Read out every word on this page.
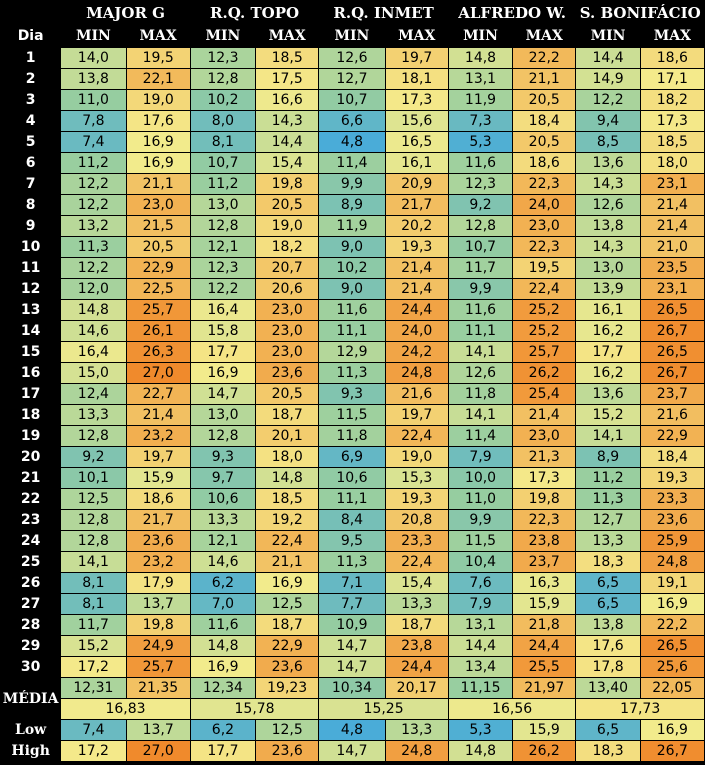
	MAJOR G		R.Q. TOPO		R.Q. INMET		ALFREDO W.		S. BONIFÁCIO	
Dia	MIN	MAX	MIN	MAX	MIN	MAX	MIN	MAX	MIN	MAX
1	14,0	19,5	12,3	18,5	12,6	19,7	14,8	22,2	14,4	18,6
2	13,8	22,1	12,8	17,5	12,7	18,1	13,1	21,1	14,9	17,1
3	11,0	19,0	10,2	16,6	10,7	17,3	11,9	20,5	12,2	18,2
4	7,8	17,6	8,0	14,3	6,6	15,6	7,3	18,4	9,4	17,3
5	7,4	16,9	8,1	14,4	4,8	16,5	5,3	20,5	8,5	18,5
6	11,2	16,9	10,7	15,4	11,4	16,1	11,6	18,6	13,6	18,0
7	12,2	21,1	11,2	19,8	9,9	20,9	12,3	22,3	14,3	23,1
8	12,2	23,0	13,0	20,5	8,9	21,7	9,2	24,0	12,6	21,4
9	13,2	21,5	12,8	19,0	11,9	20,2	12,8	23,0	13,8	21,4
10	11,3	20,5	12,1	18,2	9,0	19,3	10,7	22,3	14,3	21,0
11	12,2	22,9	12,3	20,7	10,2	21,4	11,7	19,5	13,0	23,5
12	12,0	22,5	12,2	20,6	9,0	21,4	9,9	22,4	13,9	23,1
13	14,8	25,7	16,4	23,0	11,6	24,4	11,6	25,2	16,1	26,5
14	14,6	26,1	15,8	23,0	11,1	24,0	11,1	25,2	16,2	26,7
15	16,4	26,3	17,7	23,0	12,9	24,2	14,1	25,7	17,7	26,5
16	15,0	27,0	16,9	23,6	11,3	24,8	12,6	26,2	16,2	26,7
17	12,4	22,7	14,7	20,5	9,3	21,6	11,8	25,4	13,6	23,7
18	13,3	21,4	13,0	18,7	11,5	19,7	14,1	21,4	15,2	21,6
19	12,8	23,2	12,8	20,1	11,8	22,4	11,4	23,0	14,1	22,9
20	9,2	19,7	9,3	18,0	6,9	19,0	7,9	21,3	8,9	18,4
21	10,1	15,9	9,7	14,8	10,6	15,3	10,0	17,3	11,2	19,3
22	12,5	18,6	10,6	18,5	11,1	19,3	11,0	19,8	11,3	23,3
23	12,8	21,7	13,3	19,2	8,4	20,8	9,9	22,3	12,7	23,6
24	12,8	23,6	12,1	22,4	9,5	23,3	11,5	23,8	13,3	25,9
25	14,1	23,2	14,6	21,1	11,3	22,4	10,4	23,7	18,3	24,8
26	8,1	17,9	6,2	16,9	7,1	15,4	7,6	16,3	6,5	19,1
27	8,1	13,7	7,0	12,5	7,7	13,3	7,9	15,9	6,5	16,9
28	11,7	19,8	11,6	18,7	10,9	18,7	13,1	21,8	13,8	22,2
29	15,2	24,9	14,8	22,9	14,7	23,8	14,4	24,4	17,6	26,5
30	17,2	25,7	16,9	23,6	14,7	24,4	13,4	25,5	17,8	25,6
MÉDIA	12,31	21,35	12,34	19,23	10,34	20,17	11,15	21,97	13,40	22,05
	16,83		15,78		15,25		16,56		17,73	
Low	7,4	13,7	6,2	12,5	4,8	13,3	5,3	15,9	6,5	16,9
High	17,2	27,0	17,7	23,6	14,7	24,8	14,8	26,2	18,3	26,7
